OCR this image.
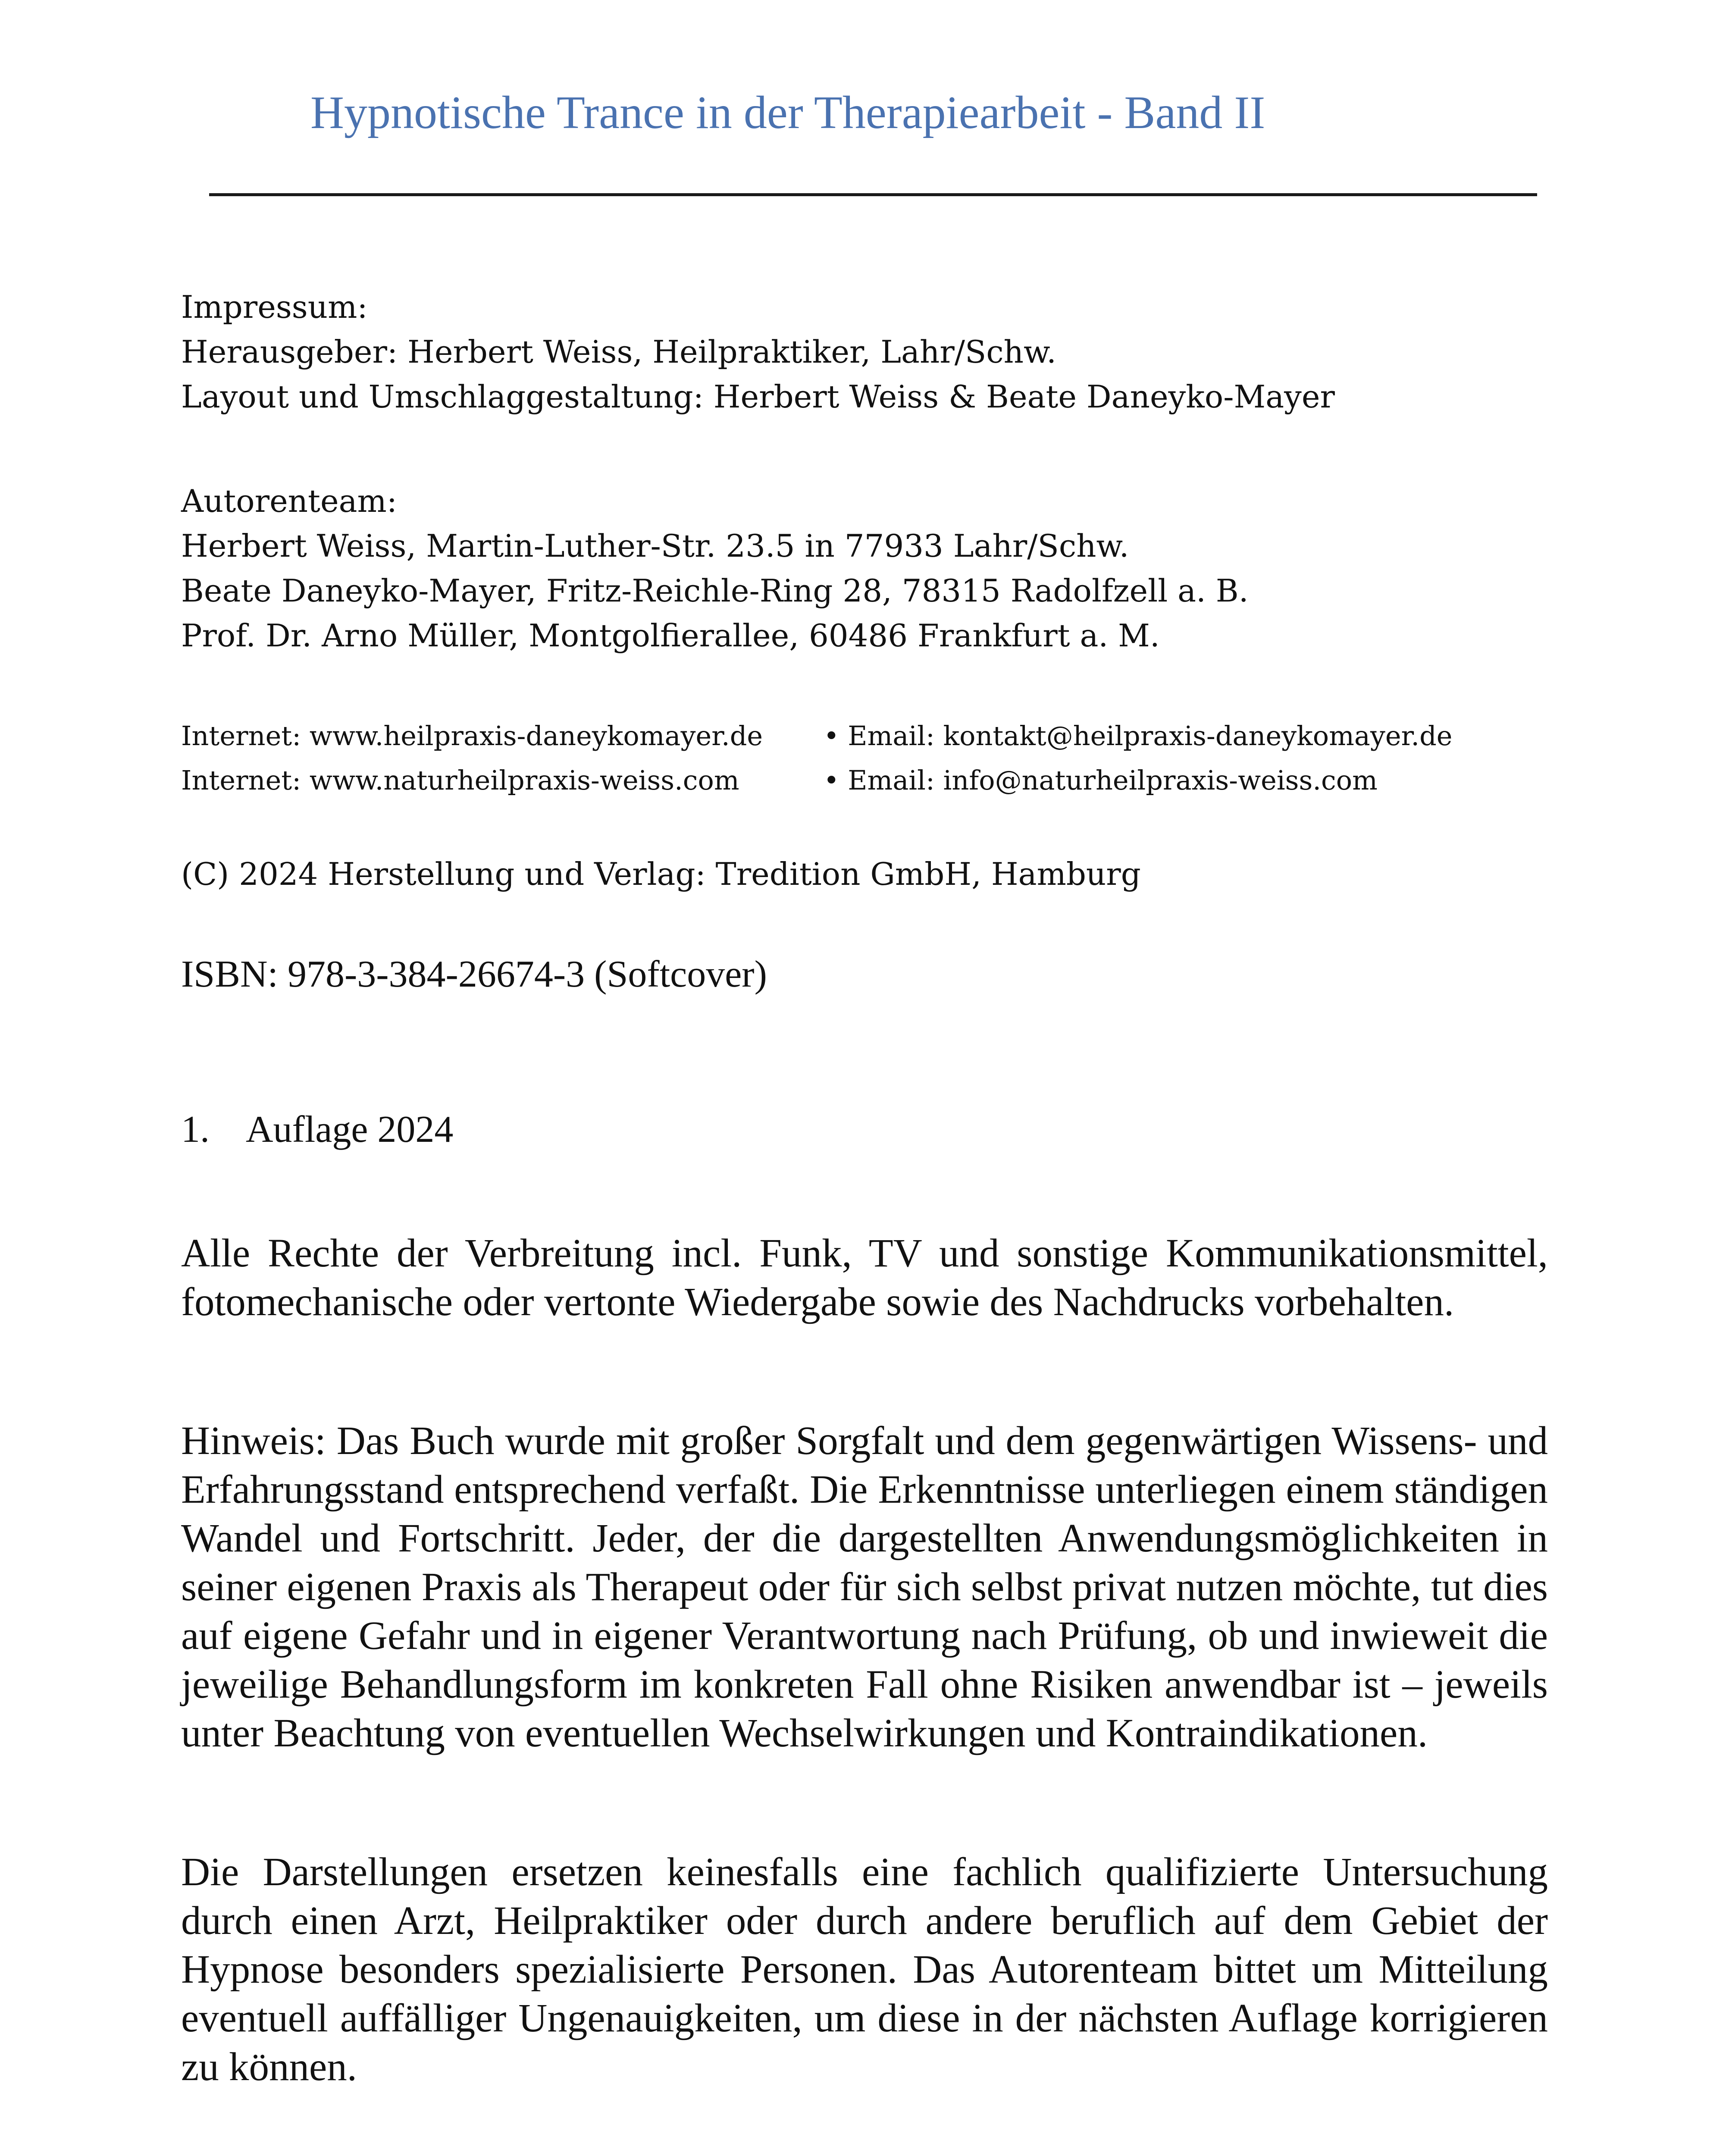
Hypnotische Trance in der Therapiearbeit - Band II
Impressum:
Herausgeber: Herbert Weiss, Heilpraktiker, Lahr/Schw.
Layout und Umschlaggestaltung: Herbert Weiss & Beate Daneyko-Mayer
Autorenteam:
Herbert Weiss, Martin-Luther-Str. 23.5 in 77933 Lahr/Schw.
Beate Daneyko-Mayer, Fritz-Reichle-Ring 28, 78315 Radolfzell a. B.
Prof. Dr. Arno Müller, Montgolfierallee, 60486 Frankfurt a. M.
Internet: www.heilpraxis-daneykomayer.de • Email: kontakt@heilpraxis-daneykomayer.de
Internet: www.naturheilpraxis-weiss.com	• Email: info@naturheilpraxis-weiss.com
(C) 2024 Herstellung und Verlag: Tredition GmbH, Hamburg
ISBN: 978-3-384-26674-3 (Softcover)
1. Auflage 2024

Alle Rechte der Verbreitung incl. Funk, TV und sonstige Kommunikationsmittel, fotomechanische oder vertonte Wiedergabe sowie des Nachdrucks vorbehalten.

Hinweis: Das Buch wurde mit großer Sorgfalt und dem gegenwärtigen Wissens- und Erfahrungsstand entsprechend verfaßt. Die Erkenntnisse unterliegen einem ständigen Wandel und Fortschritt. Jeder, der die dargestellten Anwendungsmöglichkeiten in seiner eigenen Praxis als Therapeut oder für sich selbst privat nutzen möchte, tut dies auf eigene Gefahr und in eigener Verantwortung nach Prüfung, ob und inwieweit die jeweilige Behandlungsform im konkreten Fall ohne Risiken anwendbar ist – jeweils unter Beachtung von eventuellen Wechselwirkungen und Kontraindikationen.

Die Darstellungen ersetzen keinesfalls eine fachlich qualifizierte Untersuchung durch einen Arzt, Heilpraktiker oder durch andere beruflich auf dem Gebiet der Hypnose besonders spezialisierte Personen. Das Autorenteam bittet um Mitteilung eventuell auffälliger Ungenauigkeiten, um diese in der nächsten Auflage korrigieren zu können.
